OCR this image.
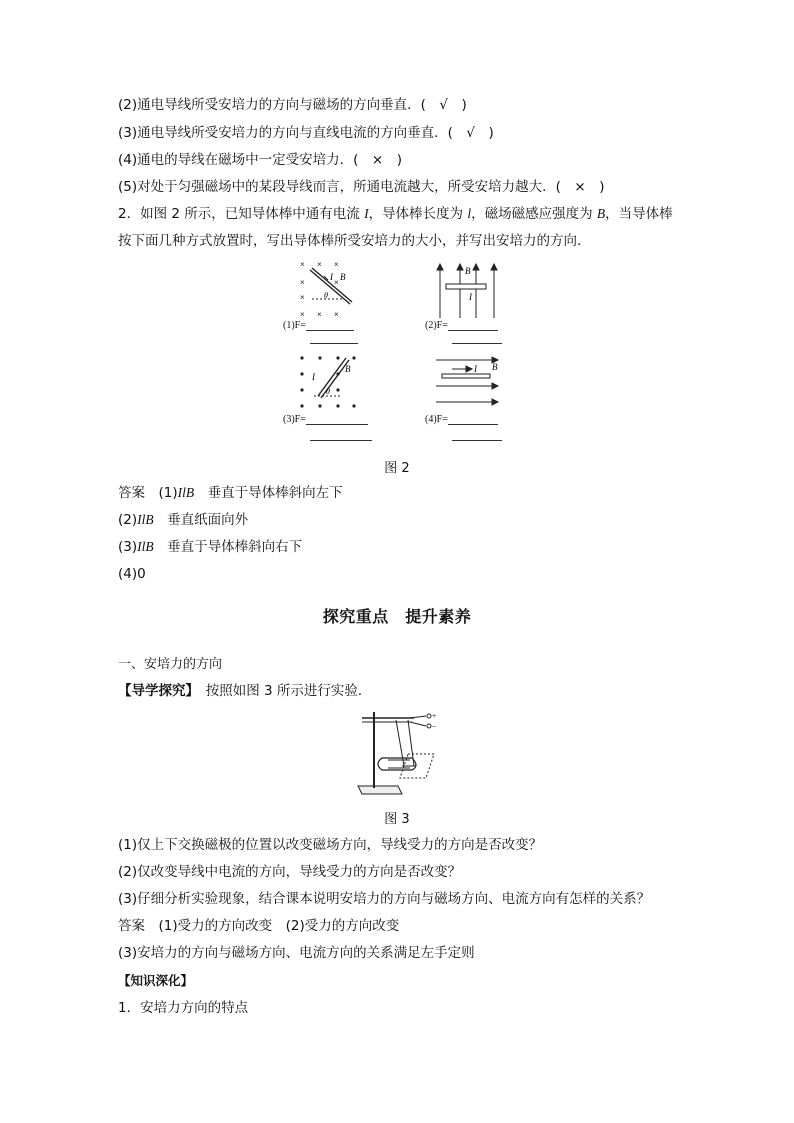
(2)通电导线所受安培力的方向与磁场的方向垂直．(　√　)
(3)通电导线所受安培力的方向与直线电流的方向垂直．(　√　)
(4)通电的导线在磁场中一定受安培力．(　×　)
(5)对处于匀强磁场中的某段导线而言，所通电流越大，所受安培力越大．(　×　)
2．如图 2 所示，已知导体棒中通有电流 I，导体棒长度为 l，磁场磁感应强度为 B，当导体棒
按下面几种方式放置时，写出导体棒所受安培力的大小，并写出安培力的方向．
× × ×
×	×
×
× × ×
I B
θ
(1)F=
B
I
(2)F=
I
B
θ
(3)F=
I B
(4)F=
图 2
答案  (1)IlB  垂直于导体棒斜向左下
(2)IlB  垂直纸面向外
(3)IlB  垂直于导体棒斜向右下
(4)0
探究重点　提升素养
一、安培力的方向
【导学探究】  按照如图 3 所示进行实验．
+
−
图 3
(1)仅上下交换磁极的位置以改变磁场方向，导线受力的方向是否改变？
(2)仅改变导线中电流的方向，导线受力的方向是否改变？
(3)仔细分析实验现象，结合课本说明安培力的方向与磁场方向、电流方向有怎样的关系？
答案  (1)受力的方向改变　(2)受力的方向改变
(3)安培力的方向与磁场方向、电流方向的关系满足左手定则
【知识深化】
1．安培力方向的特点
